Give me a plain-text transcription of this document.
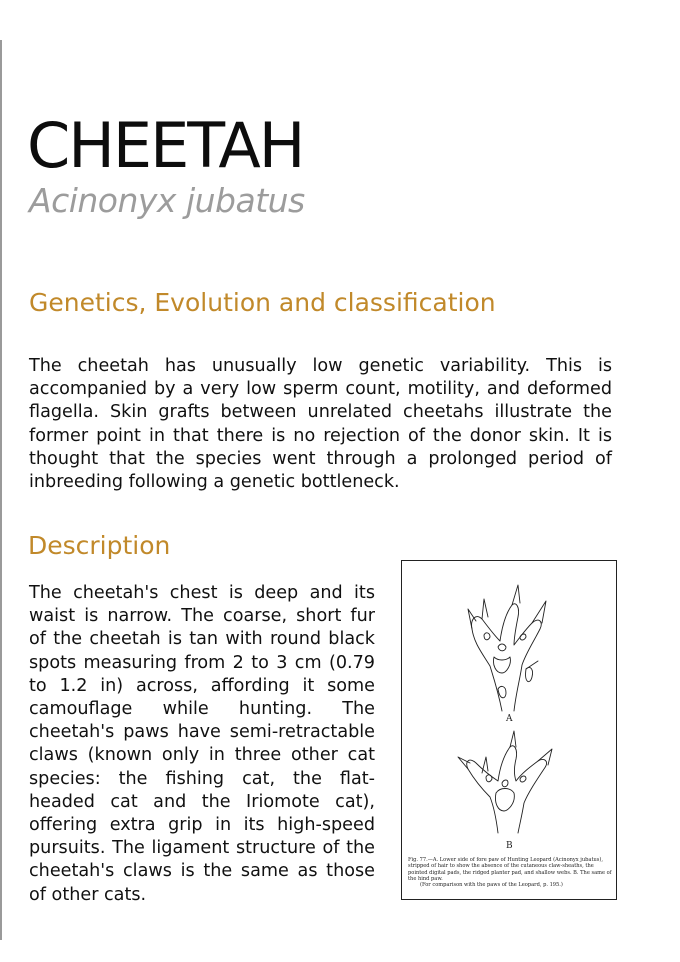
CHEETAH

Acinonyx jubatus

Genetics, Evolution and classification

The cheetah has unusually low genetic variability. This is accompanied by a very low sperm count, motility, and deformed flagella. Skin grafts between unrelated cheetahs illustrate the former point in that there is no rejection of the donor skin. It is thought that the species went through a prolonged period of inbreeding following a genetic bottleneck.

Description

The cheetah's chest is deep and its waist is narrow. The coarse, short fur of the cheetah is tan with round black spots measuring from 2 to 3 cm (0.79 to 1.2 in) across, affording it some camouflage while hunting. The cheetah's paws have semi-retractable claws (known only in three other cat species: the fishing cat, the flat-headed cat and the Iriomote cat), offering extra grip in its high-speed pursuits. The ligament structure of the cheetah's claws is the same as those of other cats.

A
B

Fig. 77.—A. Lower side of fore paw of Hunting Leopard (Acinonyx jubatus), stripped of hair to show the absence of the cutaneous claw-sheaths, the pointed digital pads, the ridged planter pad, and shallow webs. B. The same of the hind paw.
(For comparison with the paws of the Leopard, p. 195.)
